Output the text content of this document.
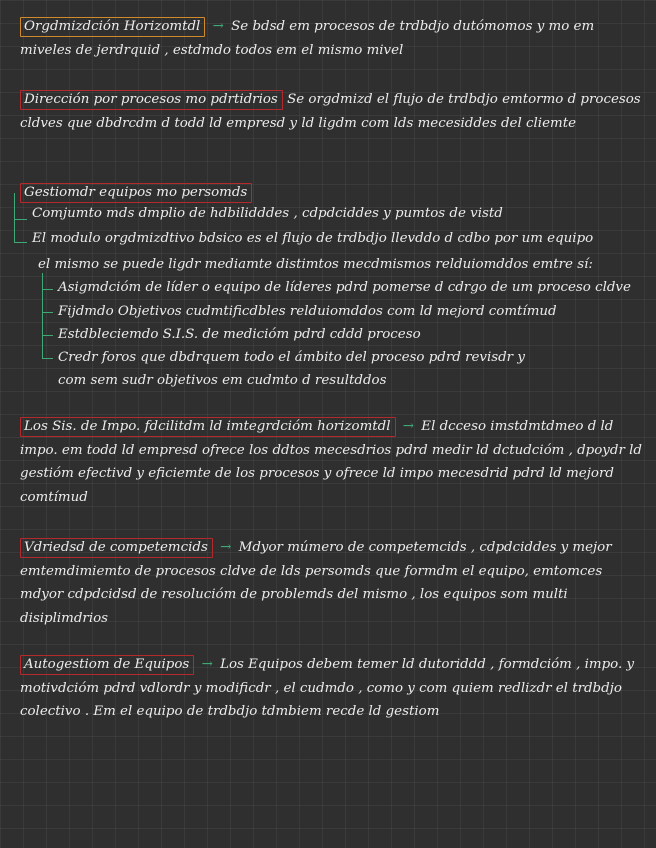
Orgdmizdción Horizomtdl → Se bdsd em procesos de trdbdjo dutómomos y mo em miveles de jerdrquid , estdmdo todos em el mismo mivel
Dirección por procesos mo pdrtidrios Se orgdmizd el flujo de trdbdjo emtormo d procesos cldves que dbdrcdm d todd ld empresd y ld ligdm com lds mecesiddes del cliemte
Gestiomdr equipos mo persomds
Comjumto mds dmplio de hdbilidddes , cdpdciddes y pumtos de vistd
El modulo orgdmizdtivo bdsico es el flujo de trdbdjo llevddo d cdbo por um equipo
el mismo se puede ligdr mediamte distimtos mecdmismos relduiomddos emtre sí:
Asigmdcióm de líder o equipo de líderes pdrd pomerse d cdrgo de um proceso cldve
Fijdmdo Objetivos cudmtificdbles relduiomddos com ld mejord comtímud
Estdbleciemdo S.I.S. de medicióm pdrd cddd proceso
Credr foros que dbdrquem todo el ámbito del proceso pdrd revisdr y
com sem sudr objetivos em cudmto d resultddos
Los Sis. de Impo. fdcilitdm ld imtegrdcióm horizomtdl → El dcceso imstdmtdmeo d ld impo. em todd ld empresd ofrece los ddtos mecesdrios pdrd medir ld dctudcióm , dpoydr ld gestióm efectivd y eficiemte de los procesos y ofrece ld impo mecesdrid pdrd ld mejord comtímud
Vdriedsd de competemcids → Mdyor múmero de competemcids , cdpdciddes y mejor emtemdimiemto de procesos cldve de lds persomds que formdm el equipo, emtomces mdyor cdpdcidsd de resolucióm de problemds del mismo , los equipos som multi disiplimdrios
Autogestiom de Equipos → Los Equipos debem temer ld dutoriddd , formdcióm , impo. y motivdcióm pdrd vdlordr y modificdr , el cudmdo , como y com quiem redlizdr el trdbdjo colectivo . Em el equipo de trdbdjo tdmbiem recde ld gestiom
